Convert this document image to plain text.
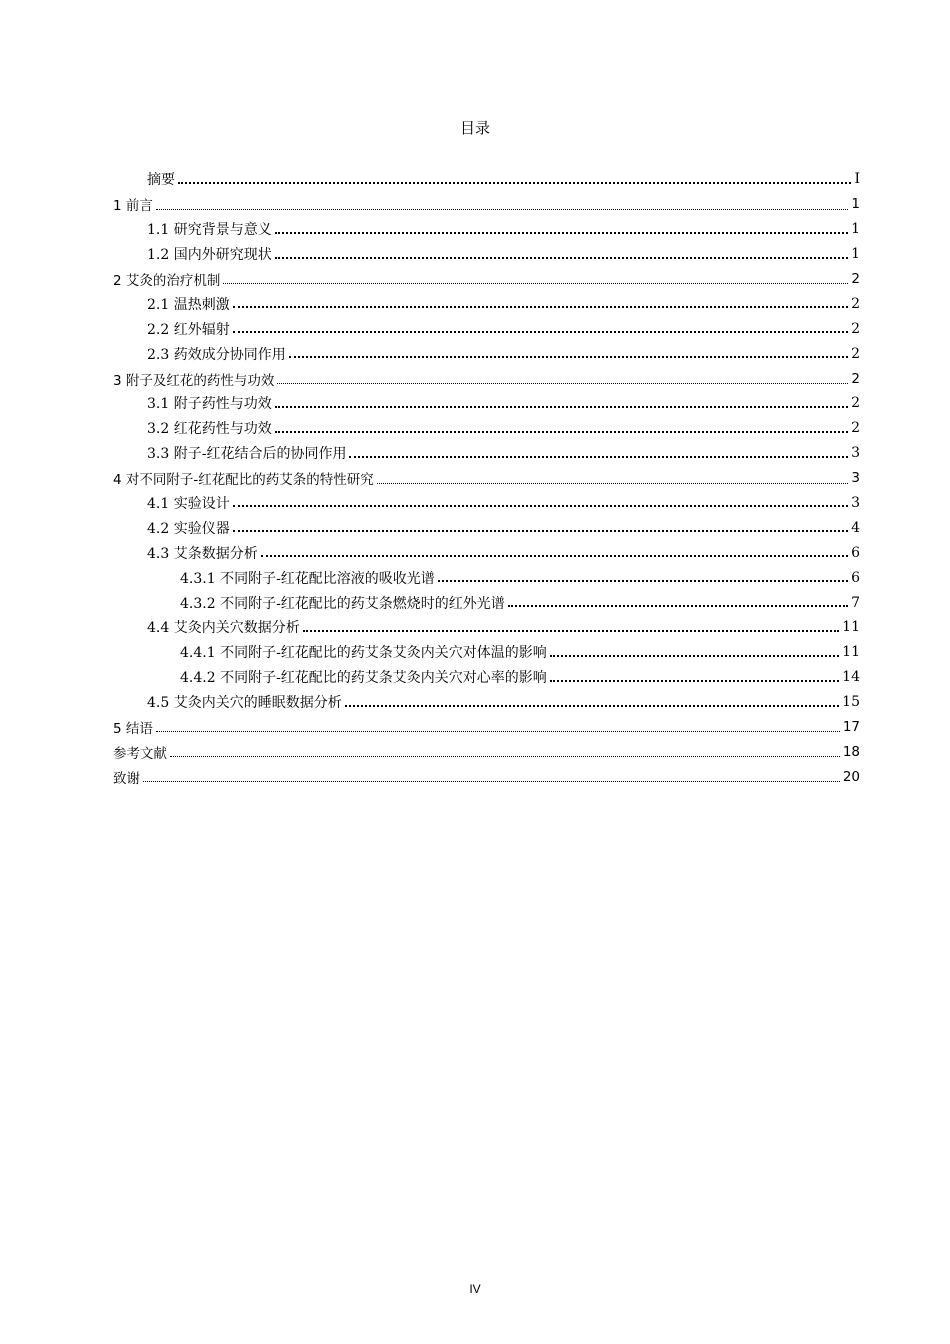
目录
摘要	I
1 前言	1
1.1 研究背景与意义	1
1.2 国内外研究现状	1
2 艾灸的治疗机制	2
2.1 温热刺激	2
2.2 红外辐射	2
2.3 药效成分协同作用	2
3 附子及红花的药性与功效	2
3.1 附子药性与功效	2
3.2 红花药性与功效	2
3.3 附子-红花结合后的协同作用	3
4 对不同附子-红花配比的药艾条的特性研究	3
4.1 实验设计	3
4.2 实验仪器	4
4.3 艾条数据分析	6
4.3.1 不同附子-红花配比溶液的吸收光谱	6
4.3.2 不同附子-红花配比的药艾条燃烧时的红外光谱	7
4.4 艾灸内关穴数据分析	11
4.4.1 不同附子-红花配比的药艾条艾灸内关穴对体温的影响	11
4.4.2 不同附子-红花配比的药艾条艾灸内关穴对心率的影响	14
4.5 艾灸内关穴的睡眠数据分析	15
5 结语	17
参考文献	18
致谢	20
IV
